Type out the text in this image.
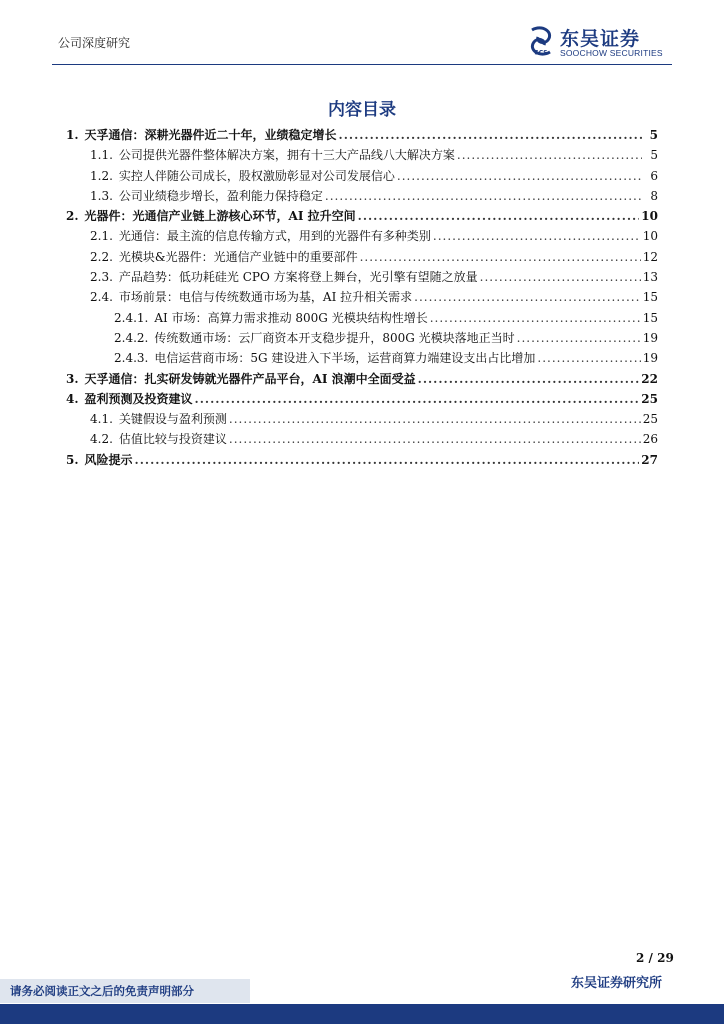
公司深度研究
SCS
东吴证券
SOOCHOW SECURITIES
内容目录
1. 天孚通信：深耕光器件近二十年，业绩稳定增长 .....	5
1.1. 公司提供光器件整体解决方案，拥有十三大产品线八大解决方案 .....	5
1.2. 实控人伴随公司成长，股权激励彰显对公司发展信心 .....	6
1.3. 公司业绩稳步增长，盈利能力保持稳定 .....	8
2. 光器件：光通信产业链上游核心环节，AI 拉升空间 .....	10
2.1. 光通信：最主流的信息传输方式，用到的光器件有多种类别 .....	10
2.2. 光模块&光器件：光通信产业链中的重要部件 .....	12
2.3. 产品趋势：低功耗硅光 CPO 方案将登上舞台，光引擎有望随之放量 .....	13
2.4. 市场前景：电信与传统数通市场为基，AI 拉升相关需求 .....	15
2.4.1. AI 市场：高算力需求推动 800G 光模块结构性增长 .....	15
2.4.2. 传统数通市场：云厂商资本开支稳步提升，800G 光模块落地正当时 .....	19
2.4.3. 电信运营商市场：5G 建设进入下半场，运营商算力端建设支出占比增加 .....	19
3. 天孚通信：扎实研发铸就光器件产品平台，AI 浪潮中全面受益 .....	22
4. 盈利预测及投资建议 .....	25
4.1. 关键假设与盈利预测 .....	25
4.2. 估值比较与投资建议 .....	26
5. 风险提示 .....	27
2 / 29
请务必阅读正文之后的免责声明部分	东吴证券研究所
